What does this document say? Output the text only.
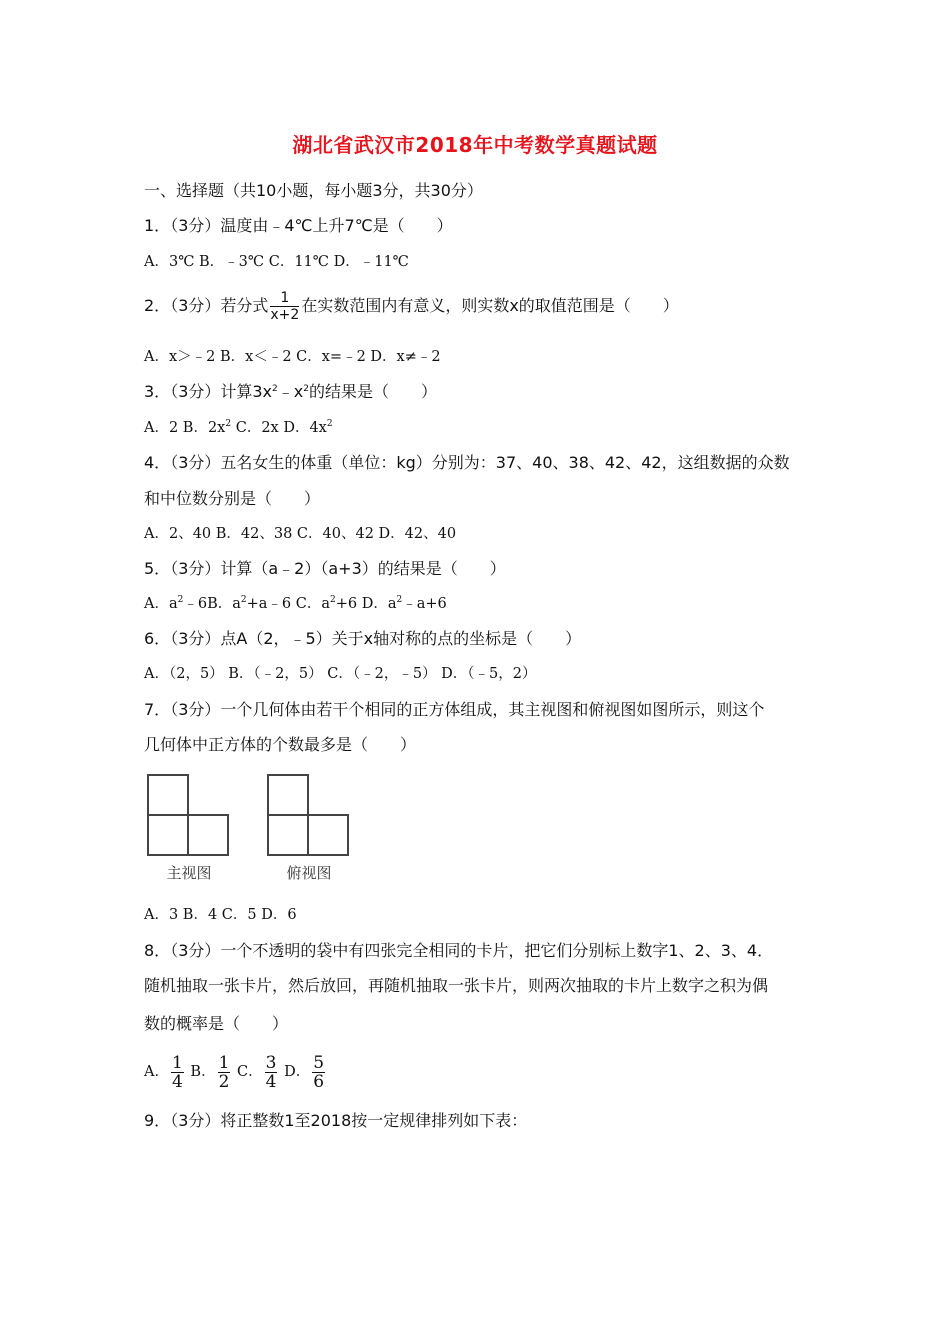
湖北省武汉市2018年中考数学真题试题
一、选择题（共10小题，每小题3分，共30分）
1．（3分）温度由﹣4℃上升7℃是（　　）
A．3℃ B．﹣3℃ C．11℃ D．﹣11℃
2．（3分）若分式 $\frac{1}{x+2}$ 在实数范围内有意义，则实数x的取值范围是（　　）
A．x＞﹣2 B．x＜﹣2 C．x=﹣2 D．x≠﹣2
3．（3分）计算$3x^2﹣x^2$的结果是（　　）
A．2 B．$2x^2$ C．2x D．$4x^2$
4．（3分）五名女生的体重（单位：kg）分别为：37、40、38、42、42，这组数据的众数
和中位数分别是（　　）
A．2、40 B．42、38 C．40、42 D．42、40
5．（3分）计算（a﹣2）（a+3）的结果是（　　）
A．$a^2﹣6B$．$a^2+a﹣6$ C．$a^2+6$ D．$a^2﹣a+6$
6．（3分）点A（2，﹣5）关于x轴对称的点的坐标是（　　）
A．（2，5） B．（﹣2，5） C．（﹣2，﹣5） D．（﹣5，2）
7．（3分）一个几何体由若干个相同的正方体组成，其主视图和俯视图如图所示，则这个
几何体中正方体的个数最多是（　　）
主视图	俯视图
A．3 B．4 C．5 D．6
8．（3分）一个不透明的袋中有四张完全相同的卡片，把它们分别标上数字1、2、3、4．
随机抽取一张卡片，然后放回，再随机抽取一张卡片，则两次抽取的卡片上数字之积为偶
数的概率是（　　）
A． $\frac{1}{4}$ B． $\frac{1}{2}$ C． $\frac{3}{4}$ D． $\frac{5}{6}$
9．（3分）将正整数1至2018按一定规律排列如下表：
